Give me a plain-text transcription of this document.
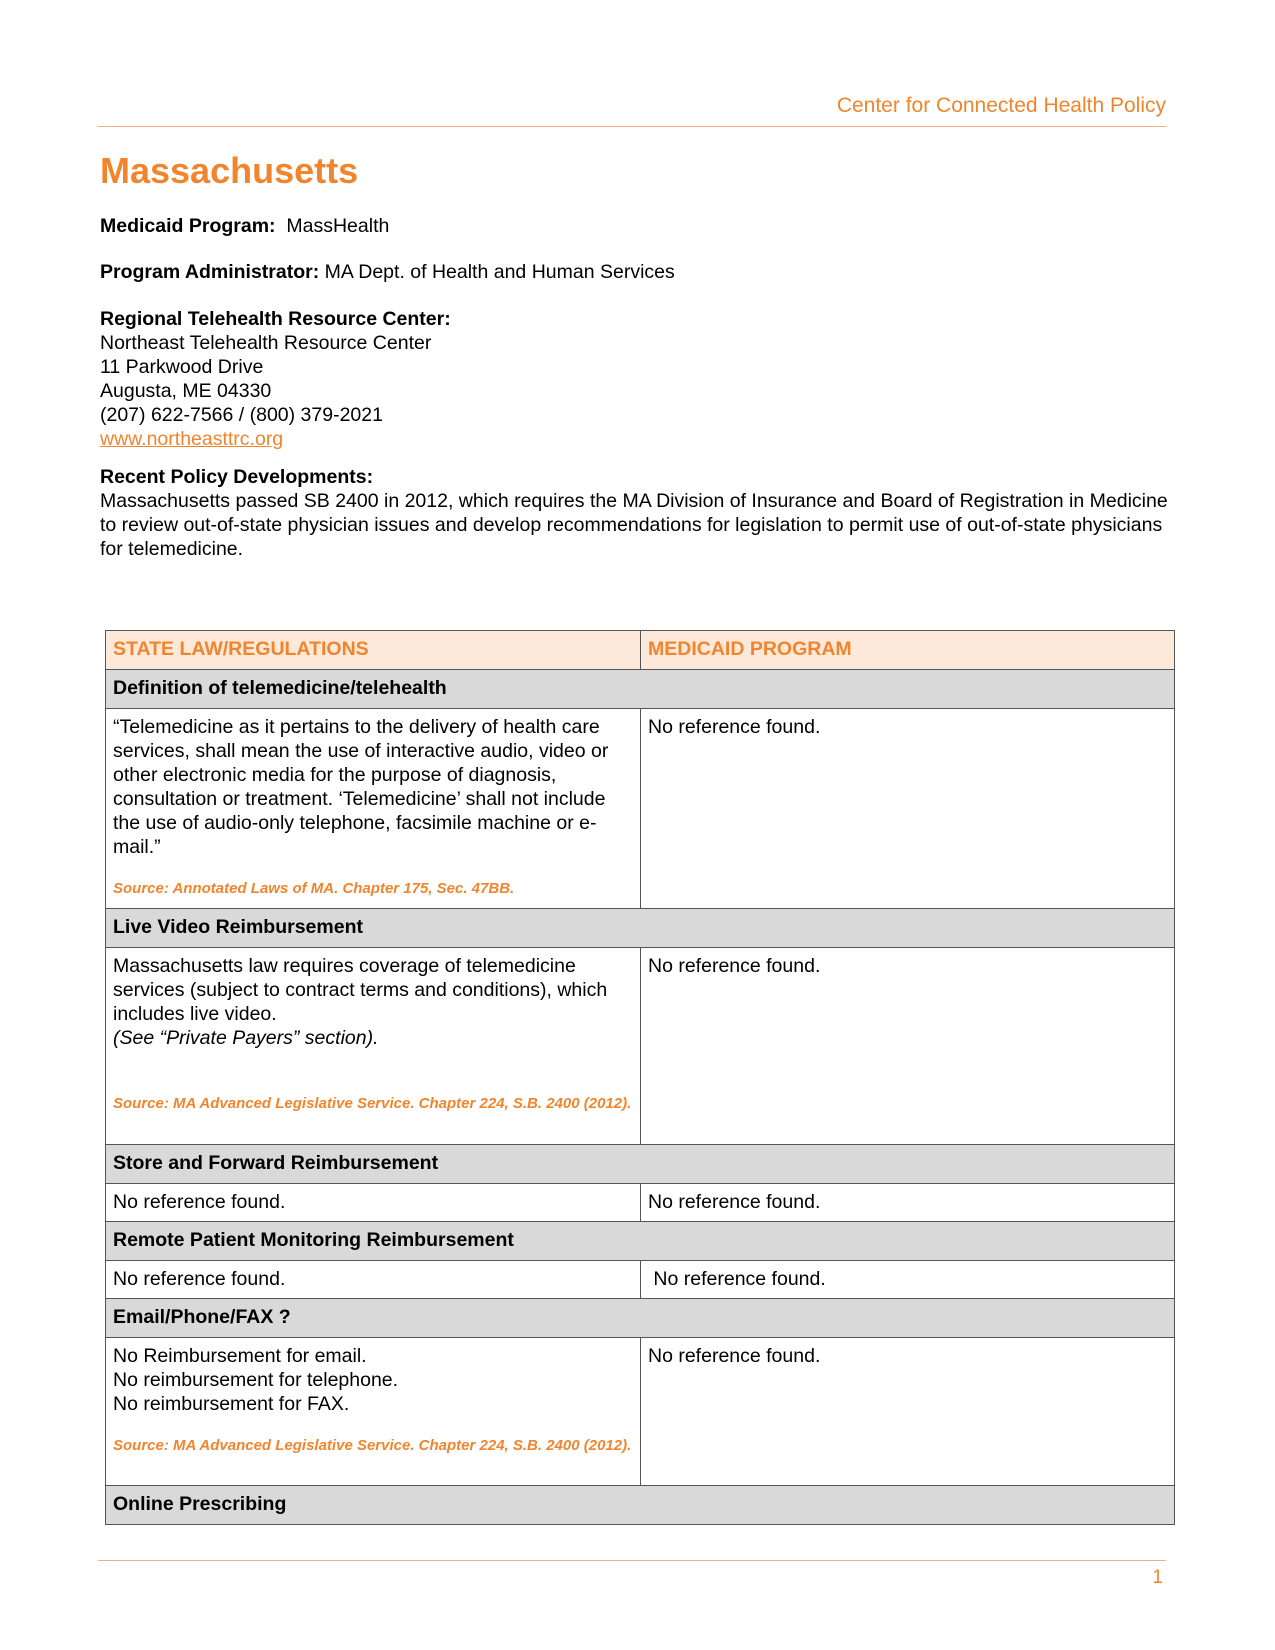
Center for Connected Health Policy
Massachusetts
Medicaid Program: MassHealth
Program Administrator: MA Dept. of Health and Human Services
Regional Telehealth Resource Center:
Northeast Telehealth Resource Center
11 Parkwood Drive
Augusta, ME 04330
(207) 622-7566 / (800) 379-2021
www.northeasttrc.org
Recent Policy Developments:
Massachusetts passed SB 2400 in 2012, which requires the MA Division of Insurance and Board of Registration in Medicine to review out-of-state physician issues and develop recommendations for legislation to permit use of out-of-state physicians for telemedicine.
STATE LAW/REGULATIONS	MEDICAID PROGRAM
Definition of telemedicine/telehealth	

“Telemedicine as it pertains to the delivery of health care services, shall mean the use of interactive audio, video or other electronic media for the purpose of diagnosis, consultation or treatment. ‘Telemedicine’ shall not include the use of audio-only telephone, facsimile machine or e-mail.”
Source: Annotated Laws of MA. Chapter 175, Sec. 47BB.	No reference found.
Live Video Reimbursement	

Massachusetts law requires coverage of telemedicine services (subject to contract terms and conditions), which includes live video.
(See “Private Payers” section).
Source: MA Advanced Legislative Service. Chapter 224, S.B. 2400 (2012).	No reference found.
Store and Forward Reimbursement	
No reference found.	No reference found.
Remote Patient Monitoring Reimbursement	
No reference found.	No reference found.
Email/Phone/FAX ?	

No Reimbursement for email.
No reimbursement for telephone.
No reimbursement for FAX.
Source: MA Advanced Legislative Service. Chapter 224, S.B. 2400 (2012).	No reference found.
Online Prescribing	
1
